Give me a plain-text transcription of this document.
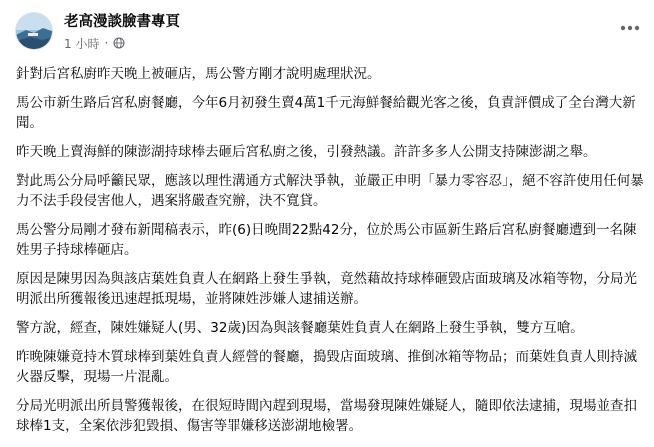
老高漫談臉書專頁
1 小時 ·

針對后宮私廚昨天晚上被砸店，馬公警方剛才說明處理狀況。

馬公市新生路后宮私廚餐廳，今年6月初發生賣4萬1千元海鮮餐給觀光客之後，負責評價成了全台灣大新聞。

昨天晚上賣海鮮的陳澎湖持球棒去砸后宮私廚之後，引發熱議。許許多多人公開支持陳澎湖之舉。

對此馬公分局呼籲民眾，應該以理性溝通方式解決爭執，並嚴正申明「暴力零容忍」，絕不容許使用任何暴力不法手段侵害他人，遇案將嚴查究辦，決不寬貸。

馬公警分局剛才發布新聞稿表示，昨(6)日晚間22點42分，位於馬公市區新生路后宮私廚餐廳遭到一名陳姓男子持球棒砸店。

原因是陳男因為與該店葉姓負責人在網路上發生爭執，竟然藉故持球棒砸毀店面玻璃及冰箱等物，分局光明派出所獲報後迅速趕抵現場，並將陳姓涉嫌人逮捕送辦。

警方說，經查，陳姓嫌疑人(男、32歲)因為與該餐廳葉姓負責人在網路上發生爭執，雙方互嗆。

昨晚陳嫌竟持木質球棒到葉姓負責人經營的餐廳，搗毀店面玻璃、推倒冰箱等物品；而葉姓負責人則持滅火器反擊，現場一片混亂。

分局光明派出所員警獲報後，在很短時間內趕到現場，當場發現陳姓嫌疑人，隨即依法逮捕，現場並查扣球棒1支，全案依涉犯毀損、傷害等罪嫌移送澎湖地檢署。
